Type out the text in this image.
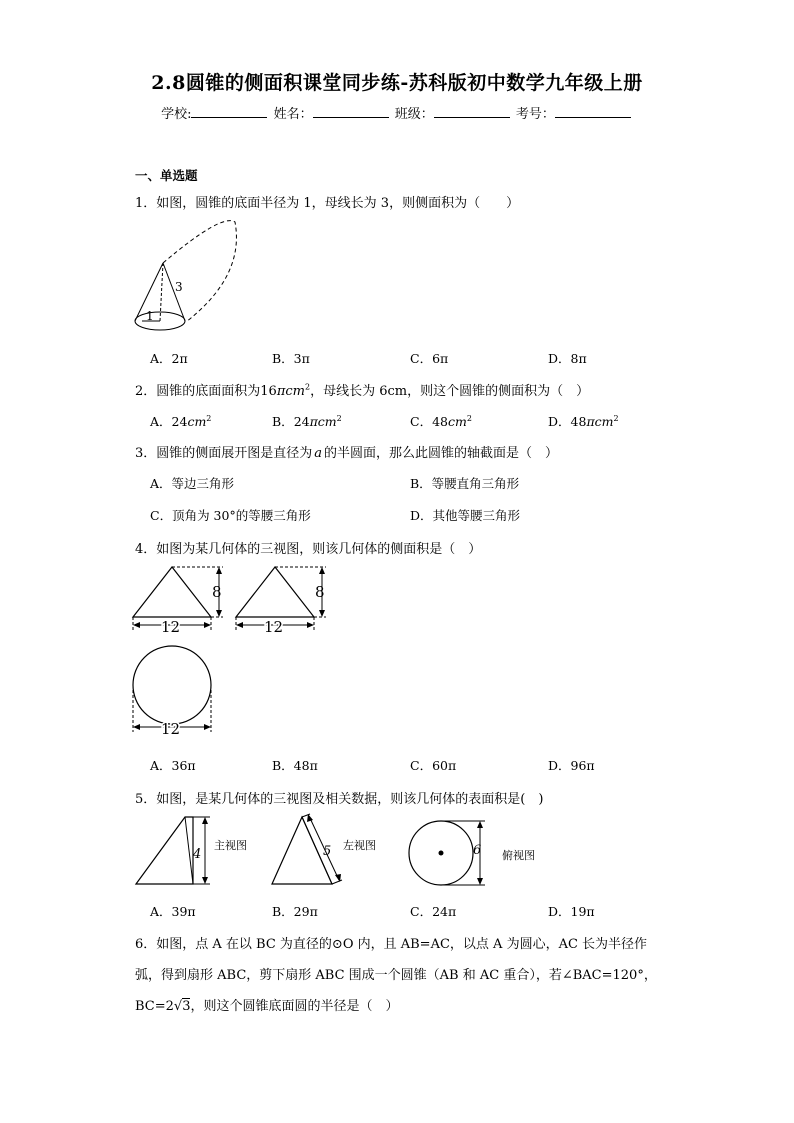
2.8圆锥的侧面积课堂同步练-苏科版初中数学九年级上册
学校:	姓名：	班级：	考号：
一、单选题
1．如图，圆锥的底面半径为 1，母线长为 3，则侧面积为（　　）
3
1
A．2π	B．3π	C．6π	D．8π
2．圆锥的底面面积为16πcm$^2$，母线长为 6cm，则这个圆锥的侧面积为（　）
A．$24cm^2$	B．24πcm$^2$	C．$48cm^2$	D．48πcm$^2$
3．圆锥的侧面展开图是直径为 a 的半圆面，那么此圆锥的轴截面是（　）
A．等边三角形	B．等腰直角三角形
C．顶角为 30°的等腰三角形	D．其他等腰三角形
4．如图为某几何体的三视图，则该几何体的侧面积是（　）
8
12
8
12
12
A．36π	B．48π	C．60π	D．96π
5．如图，是某几何体的三视图及相关数据，则该几何体的表面积是(　)
4
主视图	5 左视图	6 俯视图
A．39π	B．29π	C．24π	D．19π
6．如图，点 A 在以 BC 为直径的⊙O 内，且 AB=AC，以点 A 为圆心，AC 长为半径作
弧，得到扇形 ABC，剪下扇形 ABC 围成一个圆锥（AB 和 AC 重合），若∠BAC=120°，
BC=2√3，则这个圆锥底面圆的半径是（　）
